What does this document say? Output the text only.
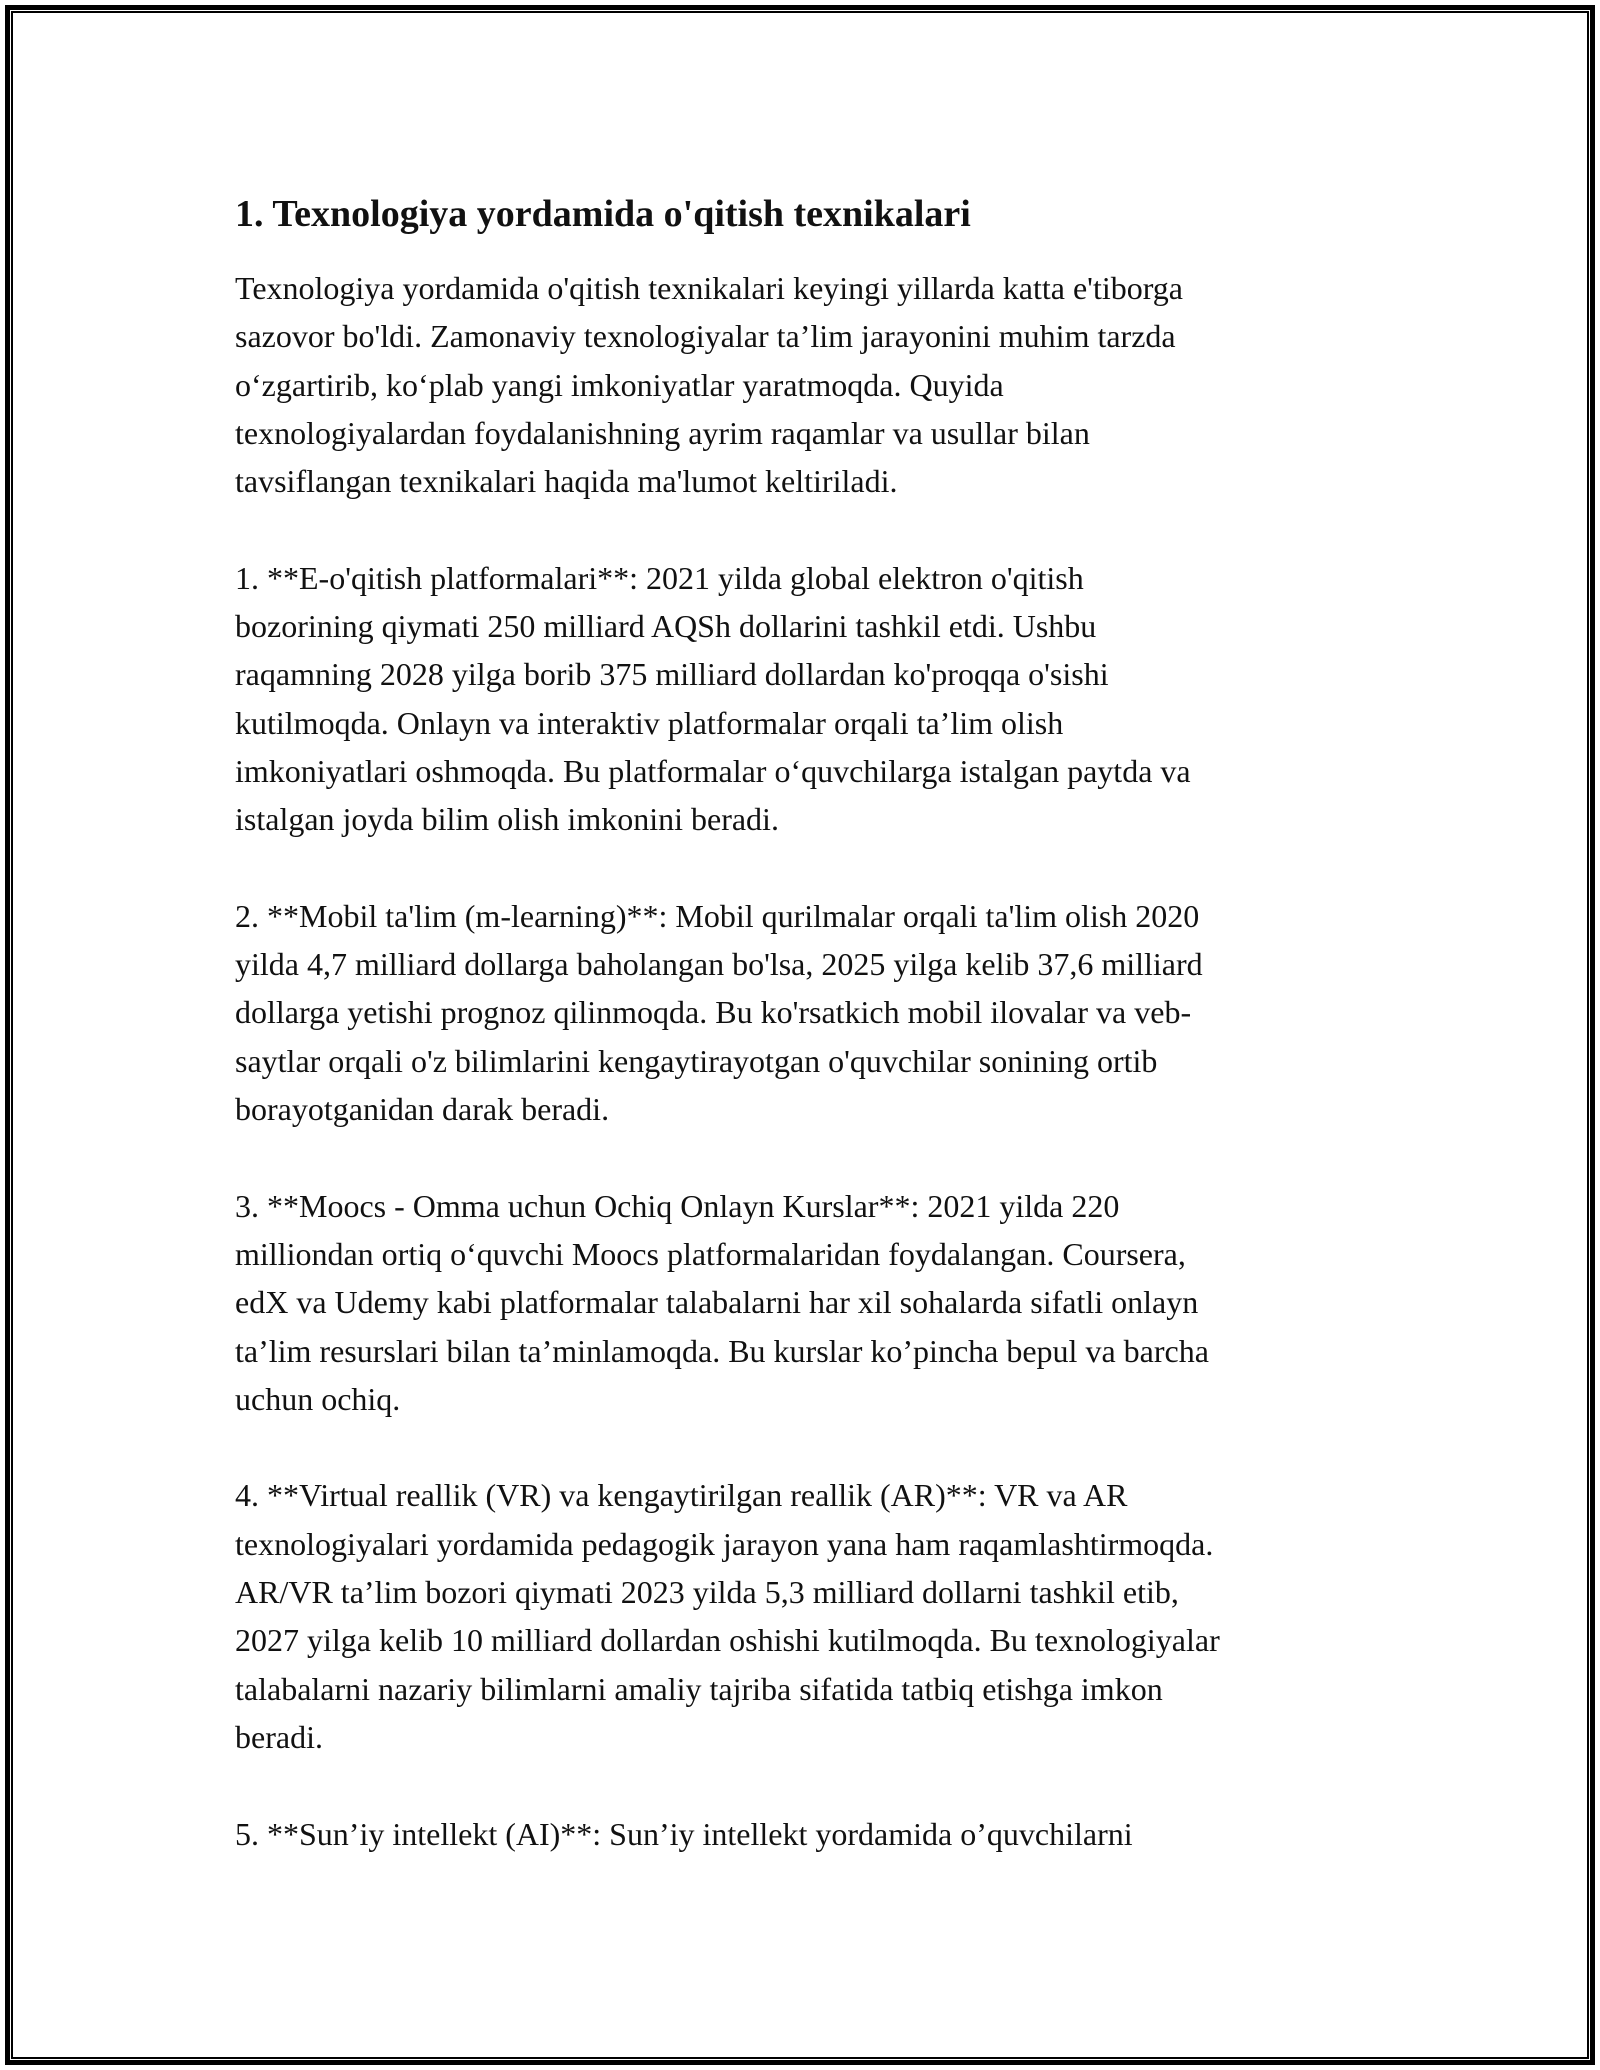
1. Texnologiya yordamida o'qitish texnikalari

Texnologiya yordamida o'qitish texnikalari keyingi yillarda katta e'tiborga
sazovor bo'ldi. Zamonaviy texnologiyalar ta’lim jarayonini muhim tarzda
o‘zgartirib, ko‘plab yangi imkoniyatlar yaratmoqda. Quyida
texnologiyalardan foydalanishning ayrim raqamlar va usullar bilan
tavsiflangan texnikalari haqida ma'lumot keltiriladi.

1. **E-o'qitish platformalari**: 2021 yilda global elektron o'qitish
bozorining qiymati 250 milliard AQSh dollarini tashkil etdi. Ushbu
raqamning 2028 yilga borib 375 milliard dollardan ko'proqqa o'sishi
kutilmoqda. Onlayn va interaktiv platformalar orqali ta’lim olish
imkoniyatlari oshmoqda. Bu platformalar o‘quvchilarga istalgan paytda va
istalgan joyda bilim olish imkonini beradi.

2. **Mobil ta'lim (m-learning)**: Mobil qurilmalar orqali ta'lim olish 2020
yilda 4,7 milliard dollarga baholangan bo'lsa, 2025 yilga kelib 37,6 milliard
dollarga yetishi prognoz qilinmoqda. Bu ko'rsatkich mobil ilovalar va veb-
saytlar orqali o'z bilimlarini kengaytirayotgan o'quvchilar sonining ortib
borayotganidan darak beradi.

3. **Moocs - Omma uchun Ochiq Onlayn Kurslar**: 2021 yilda 220
milliondan ortiq o‘quvchi Moocs platformalaridan foydalangan. Coursera,
edX va Udemy kabi platformalar talabalarni har xil sohalarda sifatli onlayn
ta’lim resurslari bilan ta’minlamoqda. Bu kurslar ko’pincha bepul va barcha
uchun ochiq.

4. **Virtual reallik (VR) va kengaytirilgan reallik (AR)**: VR va AR
texnologiyalari yordamida pedagogik jarayon yana ham raqamlashtirmoqda.
AR/VR ta’lim bozori qiymati 2023 yilda 5,3 milliard dollarni tashkil etib,
2027 yilga kelib 10 milliard dollardan oshishi kutilmoqda. Bu texnologiyalar
talabalarni nazariy bilimlarni amaliy tajriba sifatida tatbiq etishga imkon
beradi.

5. **Sun’iy intellekt (AI)**: Sun’iy intellekt yordamida o’quvchilarni
